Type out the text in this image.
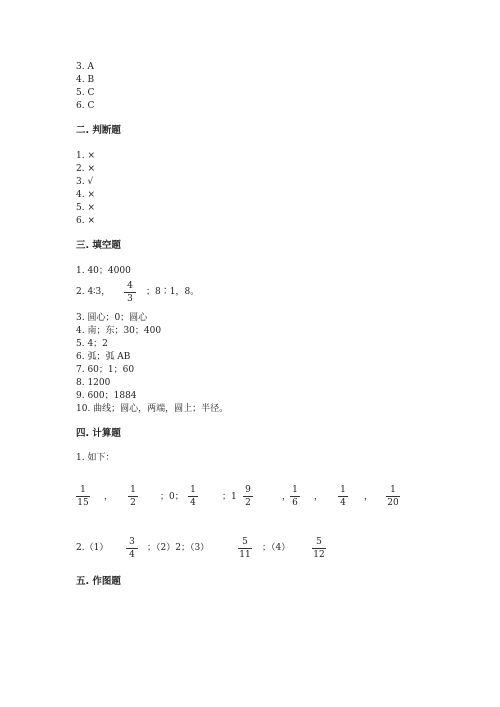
3. A
4. B
5. C
6. C
二. 判断题
1. ×
2. ×
3. √
4. ×
5. ×
6. ×
三. 填空题
1. 40；4000
2. 4∶3，
4
3
；8∶1，8。
3. 圆心；0；圆心
4. 南；东；30；400
5. 4；2
6. 弧；弧 AB
7. 60；1；60
8. 1200
9. 600；1884
10. 曲线；圆心，两端，圆上；半径。
四. 计算题
1. 如下：
1
15
，
1
2
；0；
1
4
；1
9
2
，
1
6
，
1
4
，
1
20
2.（1）
3
4
；（2）2；（3）
5
11
；（4）
5
12
五. 作图题
